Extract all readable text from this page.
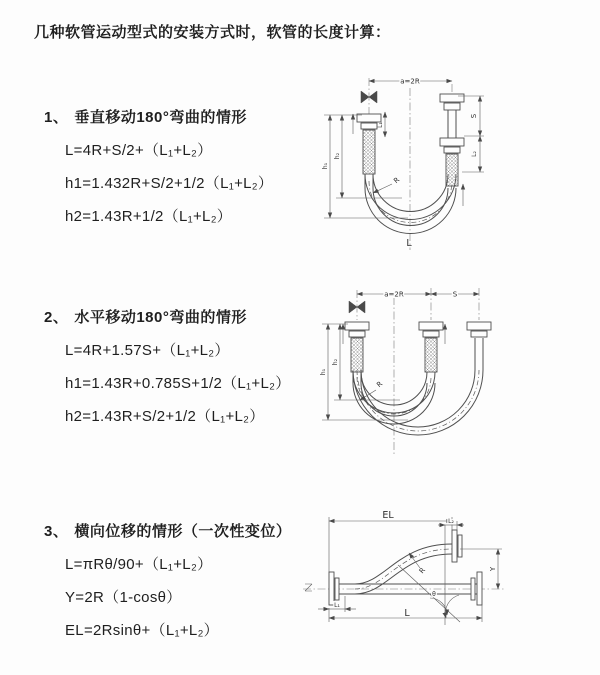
几种软管运动型式的安装方式时，软管的长度计算：
1、 垂直移动180°弯曲的情形
L=4R+S/2+（L₁+L₂）
h1=1.432R+S/2+1/2（L₁+L₂）
h2=1.43R+1/2（L₁+L₂）
2、 水平移动180°弯曲的情形
L=4R+1.57S+（L₁+L₂）
h1=1.43R+0.785S+1/2（L₁+L₂）
h2=1.43R+S/2+1/2（L₁+L₂）
3、 横向位移的情形（一次性变位）
L=πRθ/90+（L₁+L₂）
Y=2R（1-cosθ）
EL=2Rsinθ+（L₁+L₂）
a=2R
L₁
S
L₂
h₁
h₂
R
L
a=2R	S
h₁
h₂
R
EL
L₂
L₁
Y
R
θ
L
